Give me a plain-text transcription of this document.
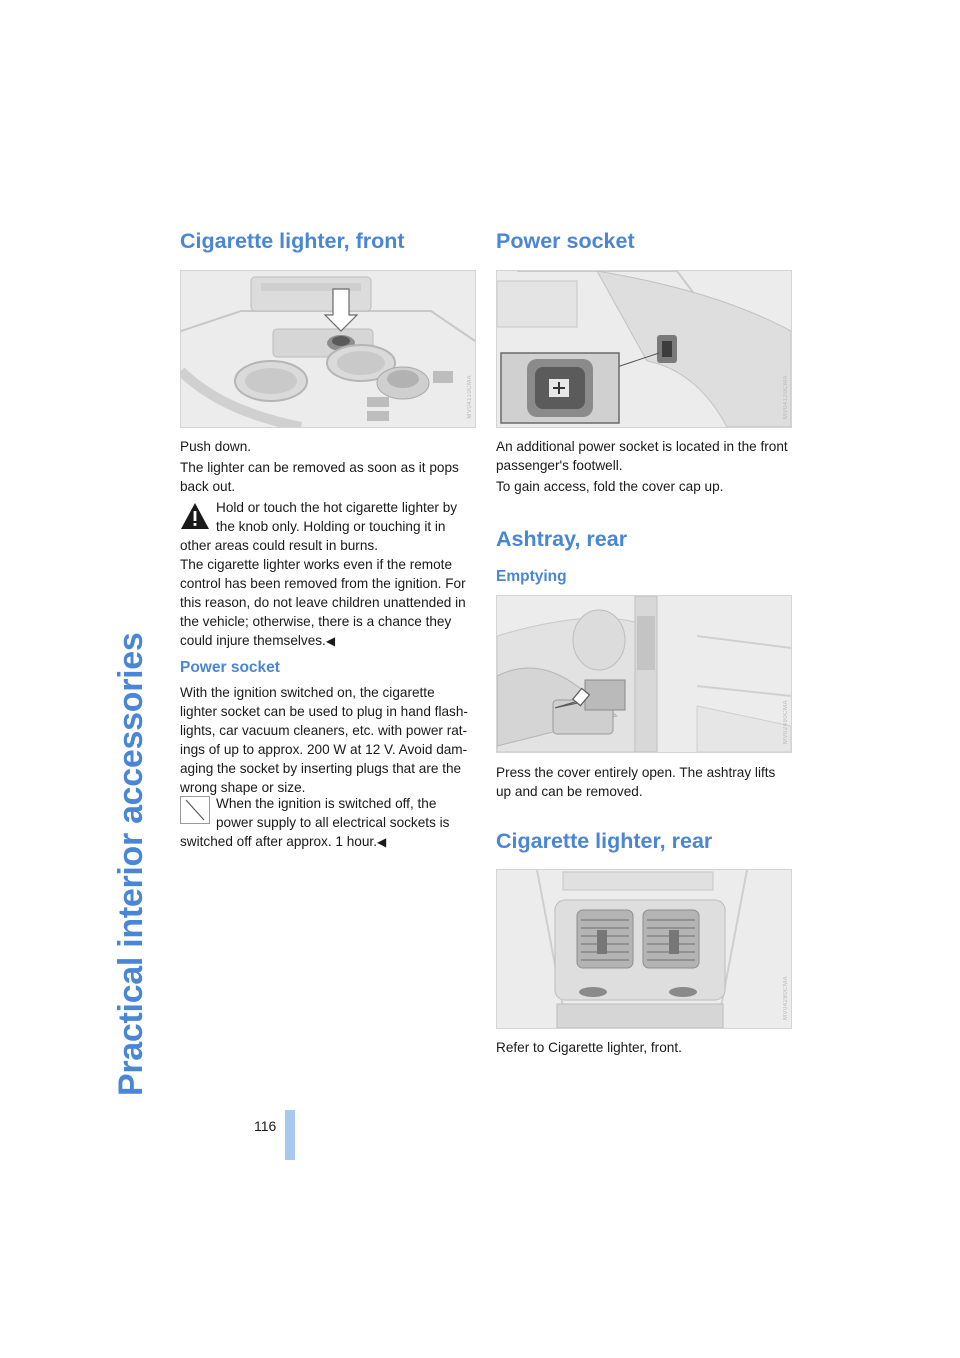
Practical interior accessories
Cigarette lighter, front
MV04110CMA

Push down.

The lighter can be removed as soon as it pops back out.

Hold or touch the hot cigarette lighter by

the knob only. Holding or touching it in

other areas could result in burns.

The cigarette lighter works even if the remote control has been removed from the ignition. For this reason, do not leave children unattended in the vehicle; otherwise, there is a chance they could injure themselves.◀

Power socket

With the ignition switched on, the cigarette lighter socket can be used to plug in hand flash-lights, car vacuum cleaners, etc. with power rat-ings of up to approx. 200 W at 12 V. Avoid dam-aging the socket by inserting plugs that are the wrong shape or size.

When the ignition is switched off, the

power supply to all electrical sockets is

switched off after approx. 1 hour.◀

Power socket
MV04120CMA

An additional power socket is located in the front passenger's footwell.

To gain access, fold the cover cap up.

Ashtray, rear
Emptying
MV02490CMA

Press the cover entirely open. The ashtray lifts up and can be removed.

Cigarette lighter, rear
MV04280CMA

Refer to Cigarette lighter, front.

116
